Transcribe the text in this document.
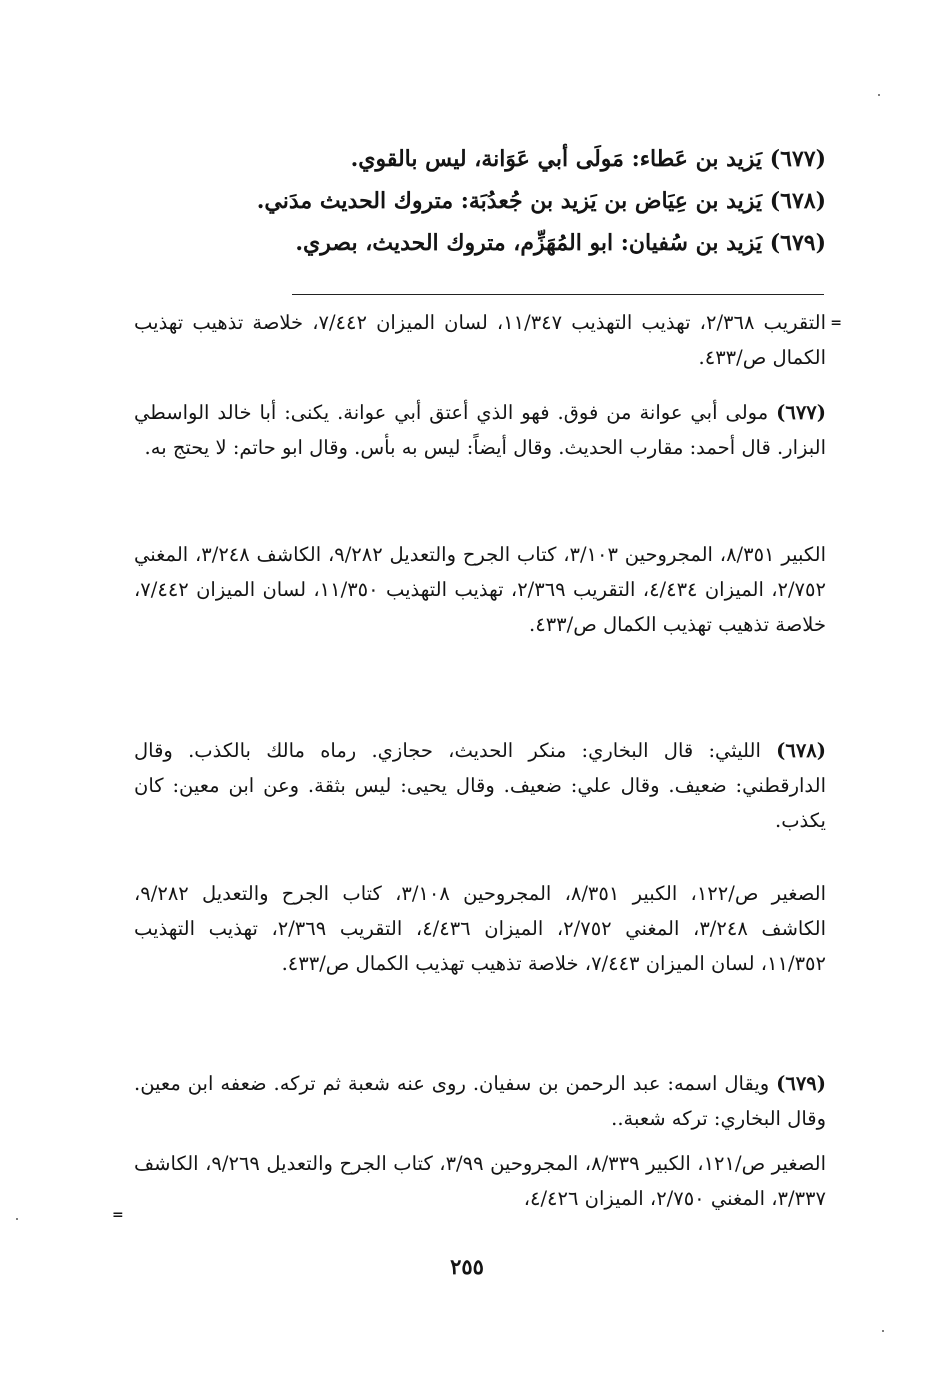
(٦٧٧) يَزيد بن عَطاء: مَولَى أبي عَوَانة، ليس بالقوي.
(٦٧٨) يَزيد بن عِيَاض بن يَزيد بن جُعدُبَة: متروك الحديث مدَني.
(٦٧٩) يَزيد بن سُفيان: ابو المُهَزِّم، متروك الحديث، بصري.
=

التقريب ٢/٣٦٨، تهذيب التهذيب ١١/٣٤٧، لسان الميزان ٧/٤٤٢، خلاصة تذهيب تهذيب الكمال ص/٤٣٣.

(٦٧٧) مولى أبي عوانة من فوق. فهو الذي أعتق أبي عوانة. يكنى: أبا خالد الواسطي البزار. قال أحمد: مقارب الحديث. وقال أيضاً: ليس به بأس. وقال ابو حاتم: لا يحتج به.

الكبير ٨/٣٥١، المجروحين ٣/١٠٣، كتاب الجرح والتعديل ٩/٢٨٢، الكاشف ٣/٢٤٨، المغني ٢/٧٥٢، الميزان ٤/٤٣٤، التقريب ٢/٣٦٩، تهذيب التهذيب ١١/٣٥٠، لسان الميزان ٧/٤٤٢، خلاصة تذهيب تهذيب الكمال ص/٤٣٣.

(٦٧٨) الليثي: قال البخاري: منكر الحديث، حجازي. رماه مالك بالكذب. وقال الدارقطني: ضعيف. وقال علي: ضعيف. وقال يحيى: ليس بثقة. وعن ابن معين: كان يكذب.

الصغير ص/١٢٢، الكبير ٨/٣٥١، المجروحين ٣/١٠٨، كتاب الجرح والتعديل ٩/٢٨٢، الكاشف ٣/٢٤٨، المغني ٢/٧٥٢، الميزان ٤/٤٣٦، التقريب ٢/٣٦٩، تهذيب التهذيب ١١/٣٥٢، لسان الميزان ٧/٤٤٣، خلاصة تذهيب تهذيب الكمال ص/٤٣٣.

(٦٧٩) ويقال اسمه: عبد الرحمن بن سفيان. روى عنه شعبة ثم تركه. ضعفه ابن معين. وقال البخاري: تركه شعبة..

الصغير ص/١٢١، الكبير ٨/٣٣٩، المجروحين ٣/٩٩، كتاب الجرح والتعديل ٩/٢٦٩، الكاشف ٣/٣٣٧، المغني ٢/٧٥٠، الميزان ٤/٤٢٦،

=
٢٥٥
